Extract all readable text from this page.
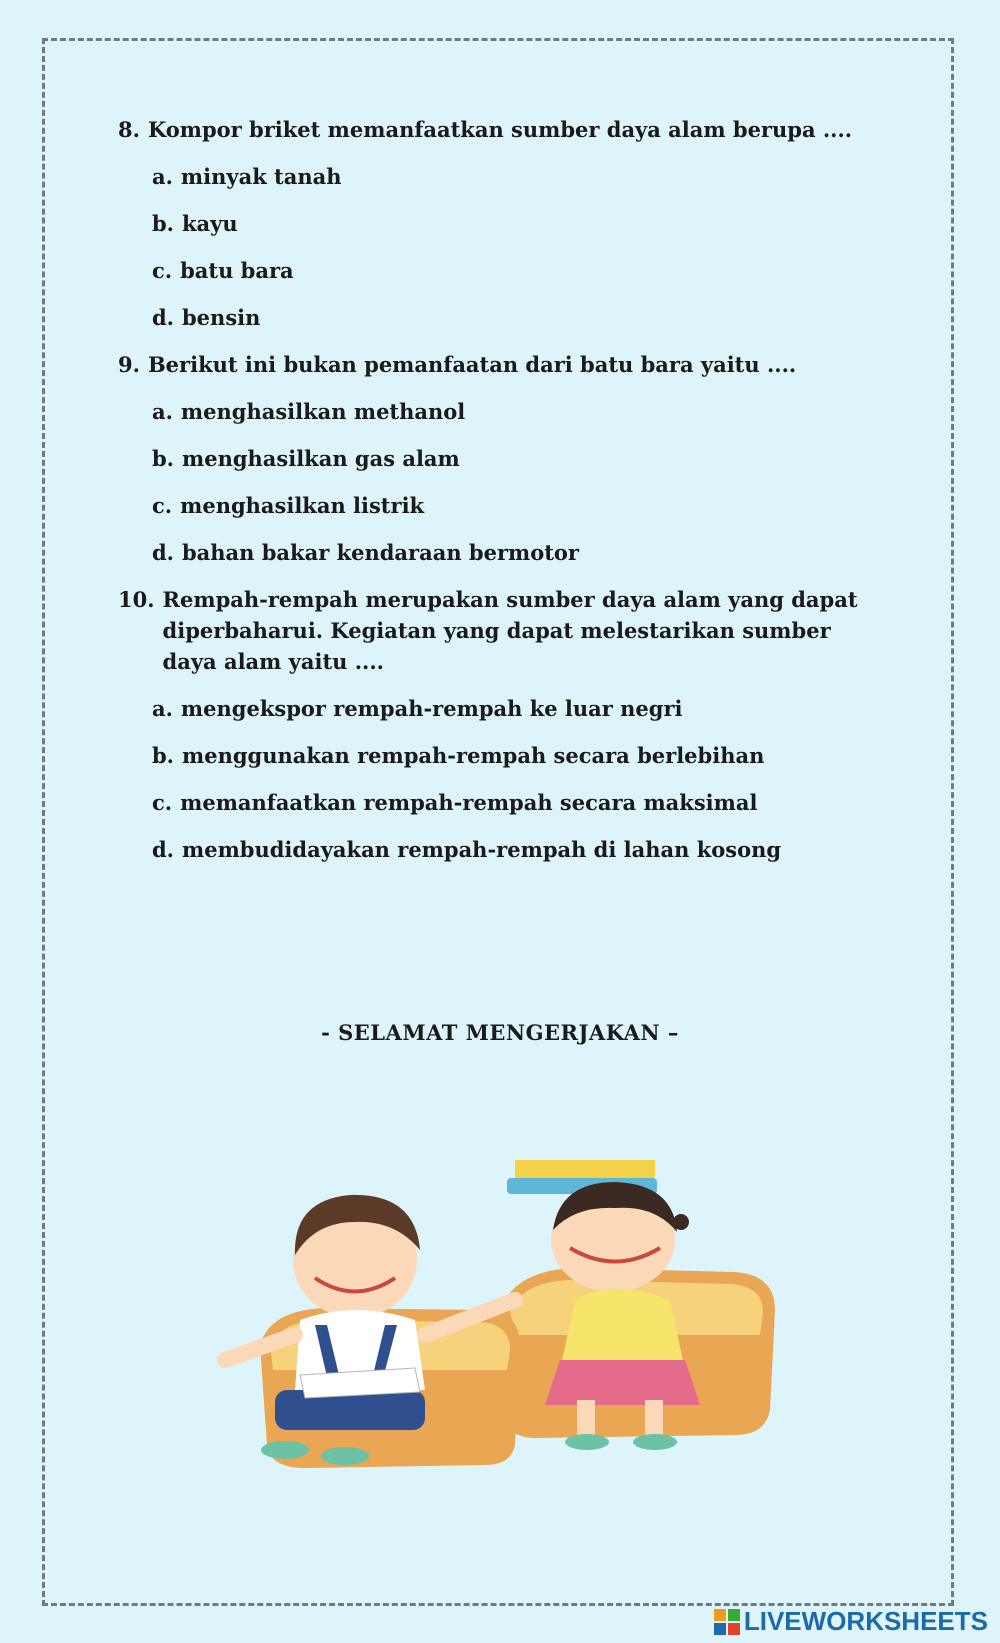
8. Kompor briket memanfaatkan sumber daya alam berupa ....
a. minyak tanah
b. kayu
c. batu bara
d. bensin
9. Berikut ini bukan pemanfaatan dari batu bara yaitu ....
a. menghasilkan methanol
b. menghasilkan gas alam
c. menghasilkan listrik
d. bahan bakar kendaraan bermotor
10. Rempah-rempah merupakan sumber daya alam yang dapat diperbaharui. Kegiatan yang dapat melestarikan sumber daya alam yaitu ....
a. mengekspor rempah-rempah ke luar negri
b. menggunakan rempah-rempah secara berlebihan
c. memanfaatkan rempah-rempah secara maksimal
d. membudidayakan rempah-rempah di lahan kosong
- SELAMAT MENGERJAKAN –
LIVEWORKSHEETS
